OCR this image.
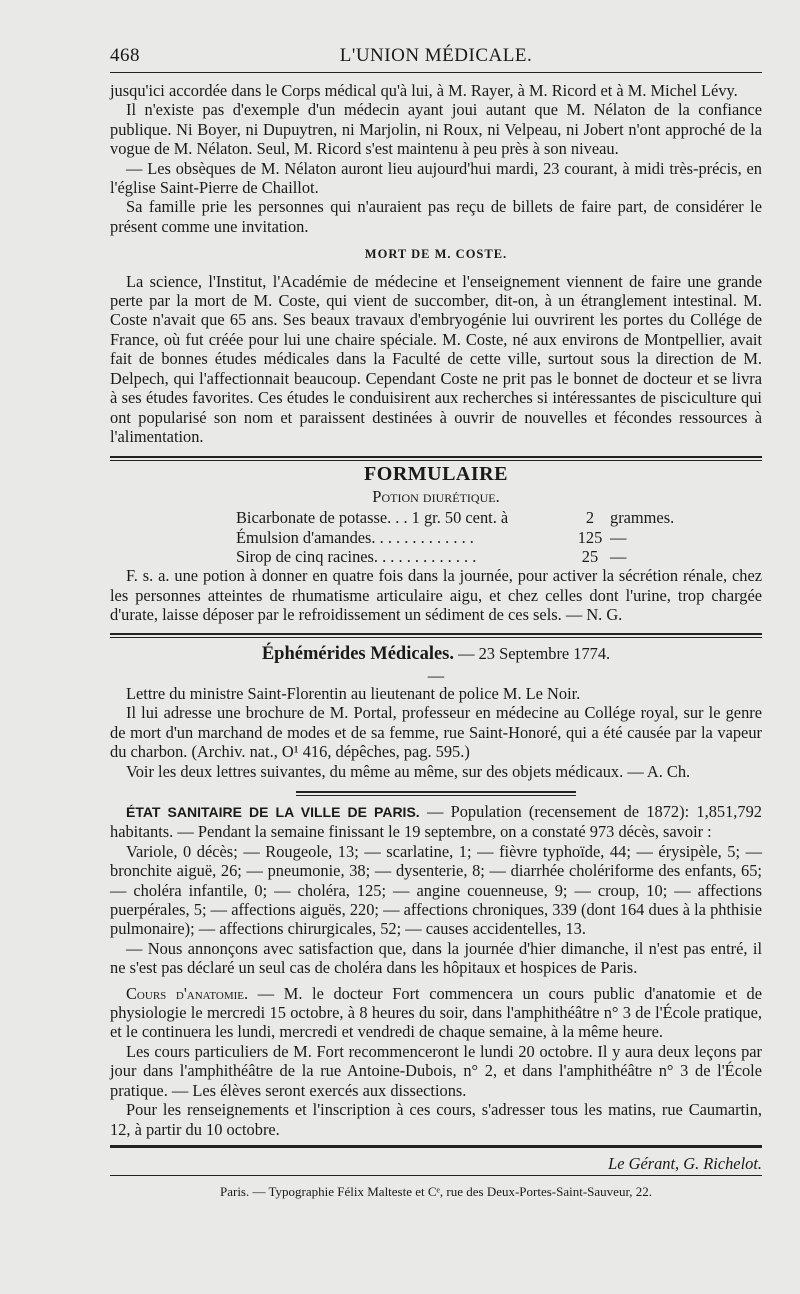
468	L'UNION MÉDICALE.

jusqu'ici accordée dans le Corps médical qu'à lui, à M. Rayer, à M. Ricord et à M. Michel Lévy.

Il n'existe pas d'exemple d'un médecin ayant joui autant que M. Nélaton de la confiance publique. Ni Boyer, ni Dupuytren, ni Marjolin, ni Roux, ni Velpeau, ni Jobert n'ont approché de la vogue de M. Nélaton. Seul, M. Ricord s'est maintenu à peu près à son niveau.

— Les obsèques de M. Nélaton auront lieu aujourd'hui mardi, 23 courant, à midi très-précis, en l'église Saint-Pierre de Chaillot.

Sa famille prie les personnes qui n'auraient pas reçu de billets de faire part, de considérer le présent comme une invitation.

MORT DE M. COSTE.

La science, l'Institut, l'Académie de médecine et l'enseignement viennent de faire une grande perte par la mort de M. Coste, qui vient de succomber, dit-on, à un étranglement intestinal. M. Coste n'avait que 65 ans. Ses beaux travaux d'embryogénie lui ouvrirent les portes du Collége de France, où fut créée pour lui une chaire spéciale. M. Coste, né aux environs de Montpellier, avait fait de bonnes études médicales dans la Faculté de cette ville, surtout sous la direction de M. Delpech, qui l'affectionnait beaucoup. Cependant Coste ne prit pas le bonnet de docteur et se livra à ses études favorites. Ces études le conduisirent aux recherches si intéressantes de pisciculture qui ont popularisé son nom et paraissent destinées à ouvrir de nouvelles et fécondes ressources à l'alimentation.

FORMULAIRE
Potion diurétique.
Bicarbonate de potasse. . . 1 gr. 50 cent. à	2 grammes.
Émulsion d'amandes. . . . . . . . . . . . .	125 —
Sirop de cinq racines. . . . . . . . . . . . .	25 —

F. s. a. une potion à donner en quatre fois dans la journée, pour activer la sécrétion rénale, chez les personnes atteintes de rhumatisme articulaire aigu, et chez celles dont l'urine, trop chargée d'urate, laisse déposer par le refroidissement un sédiment de ces sels. — N. G.

Éphémérides Médicales. — 23 Septembre 1774.

—

Lettre du ministre Saint-Florentin au lieutenant de police M. Le Noir.

Il lui adresse une brochure de M. Portal, professeur en médecine au Collége royal, sur le genre de mort d'un marchand de modes et de sa femme, rue Saint-Honoré, qui a été causée par la vapeur du charbon. (Archiv. nat., O¹ 416, dépêches, pag. 595.)

Voir les deux lettres suivantes, du même au même, sur des objets médicaux. — A. Ch.

ÉTAT SANITAIRE DE LA VILLE DE PARIS. — Population (recensement de 1872): 1,851,792 habitants. — Pendant la semaine finissant le 19 septembre, on a constaté 973 décès, savoir :

Variole, 0 décès; — Rougeole, 13; — scarlatine, 1; — fièvre typhoïde, 44; — érysipèle, 5; — bronchite aiguë, 26; — pneumonie, 38; — dysenterie, 8; — diarrhée cholériforme des enfants, 65; — choléra infantile, 0; — choléra, 125; — angine couenneuse, 9; — croup, 10; — affections puerpérales, 5; — affections aiguës, 220; — affections chroniques, 339 (dont 164 dues à la phthisie pulmonaire); — affections chirurgicales, 52; — causes accidentelles, 13.

— Nous annonçons avec satisfaction que, dans la journée d'hier dimanche, il n'est pas entré, il ne s'est pas déclaré un seul cas de choléra dans les hôpitaux et hospices de Paris.

Cours d'anatomie. — M. le docteur Fort commencera un cours public d'anatomie et de physiologie le mercredi 15 octobre, à 8 heures du soir, dans l'amphithéâtre n° 3 de l'École pratique, et le continuera les lundi, mercredi et vendredi de chaque semaine, à la même heure.

Les cours particuliers de M. Fort recommenceront le lundi 20 octobre. Il y aura deux leçons par jour dans l'amphithéâtre de la rue Antoine-Dubois, n° 2, et dans l'amphithéâtre n° 3 de l'École pratique. — Les élèves seront exercés aux dissections.

Pour les renseignements et l'inscription à ces cours, s'adresser tous les matins, rue Caumartin, 12, à partir du 10 octobre.

Le Gérant, G. Richelot.
Paris. — Typographie Félix Malteste et Cᵉ, rue des Deux-Portes-Saint-Sauveur, 22.
